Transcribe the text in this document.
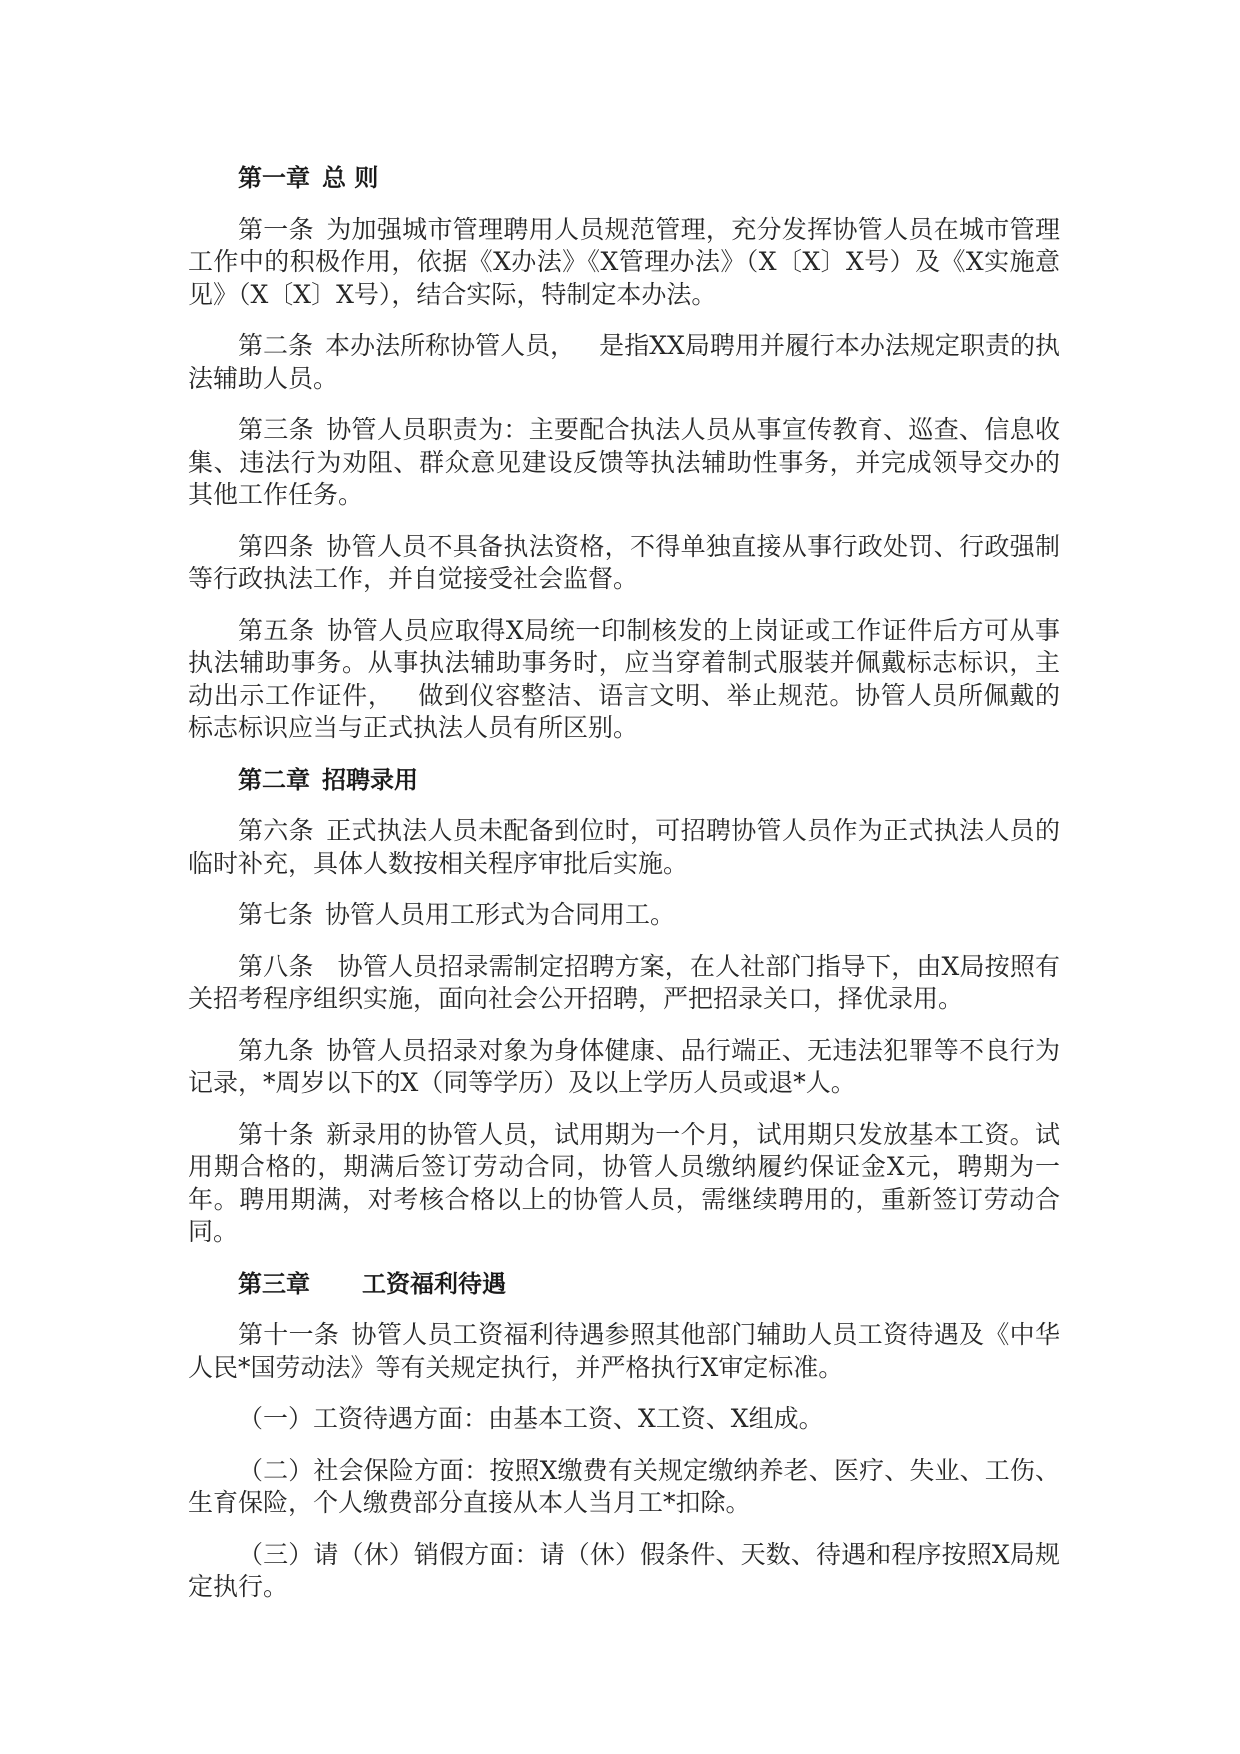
第一章 总 则

第一条 为加强城市管理聘用人员规范管理，充分发挥协管人员在城市管理工作中的积极作用，依据《X办法》《X管理办法》（X〔X〕X号）及《X实施意见》（X〔X〕X号），结合实际，特制定本办法。

第二条 本办法所称协管人员， 是指XX局聘用并履行本办法规定职责的执法辅助人员。

第三条 协管人员职责为：主要配合执法人员从事宣传教育、巡查、信息收集、违法行为劝阻、群众意见建设反馈等执法辅助性事务，并完成领导交办的其他工作任务。

第四条 协管人员不具备执法资格，不得单独直接从事行政处罚、行政强制等行政执法工作，并自觉接受社会监督。

第五条 协管人员应取得X局统一印制核发的上岗证或工作证件后方可从事执法辅助事务。从事执法辅助事务时，应当穿着制式服装并佩戴标志标识，主动出示工作证件， 做到仪容整洁、语言文明、举止规范。协管人员所佩戴的标志标识应当与正式执法人员有所区别。

第二章 招聘录用

第六条 正式执法人员未配备到位时，可招聘协管人员作为正式执法人员的临时补充，具体人数按相关程序审批后实施。

第七条 协管人员用工形式为合同用工。

第八条 协管人员招录需制定招聘方案，在人社部门指导下，由X局按照有关招考程序组织实施，面向社会公开招聘，严把招录关口，择优录用。

第九条 协管人员招录对象为身体健康、品行端正、无违法犯罪等不良行为记录，*周岁以下的X（同等学历）及以上学历人员或退*人。

第十条 新录用的协管人员，试用期为一个月，试用期只发放基本工资。试用期合格的，期满后签订劳动合同，协管人员缴纳履约保证金X元，聘期为一年。聘用期满，对考核合格以上的协管人员，需继续聘用的，重新签订劳动合同。

第三章 工资福利待遇

第十一条 协管人员工资福利待遇参照其他部门辅助人员工资待遇及《中华人民*国劳动法》等有关规定执行，并严格执行X审定标准。

（一）工资待遇方面：由基本工资、X工资、X组成。

（二）社会保险方面：按照X缴费有关规定缴纳养老、医疗、失业、工伤、生育保险，个人缴费部分直接从本人当月工*扣除。

（三）请（休）销假方面：请（休）假条件、天数、待遇和程序按照X局规定执行。
